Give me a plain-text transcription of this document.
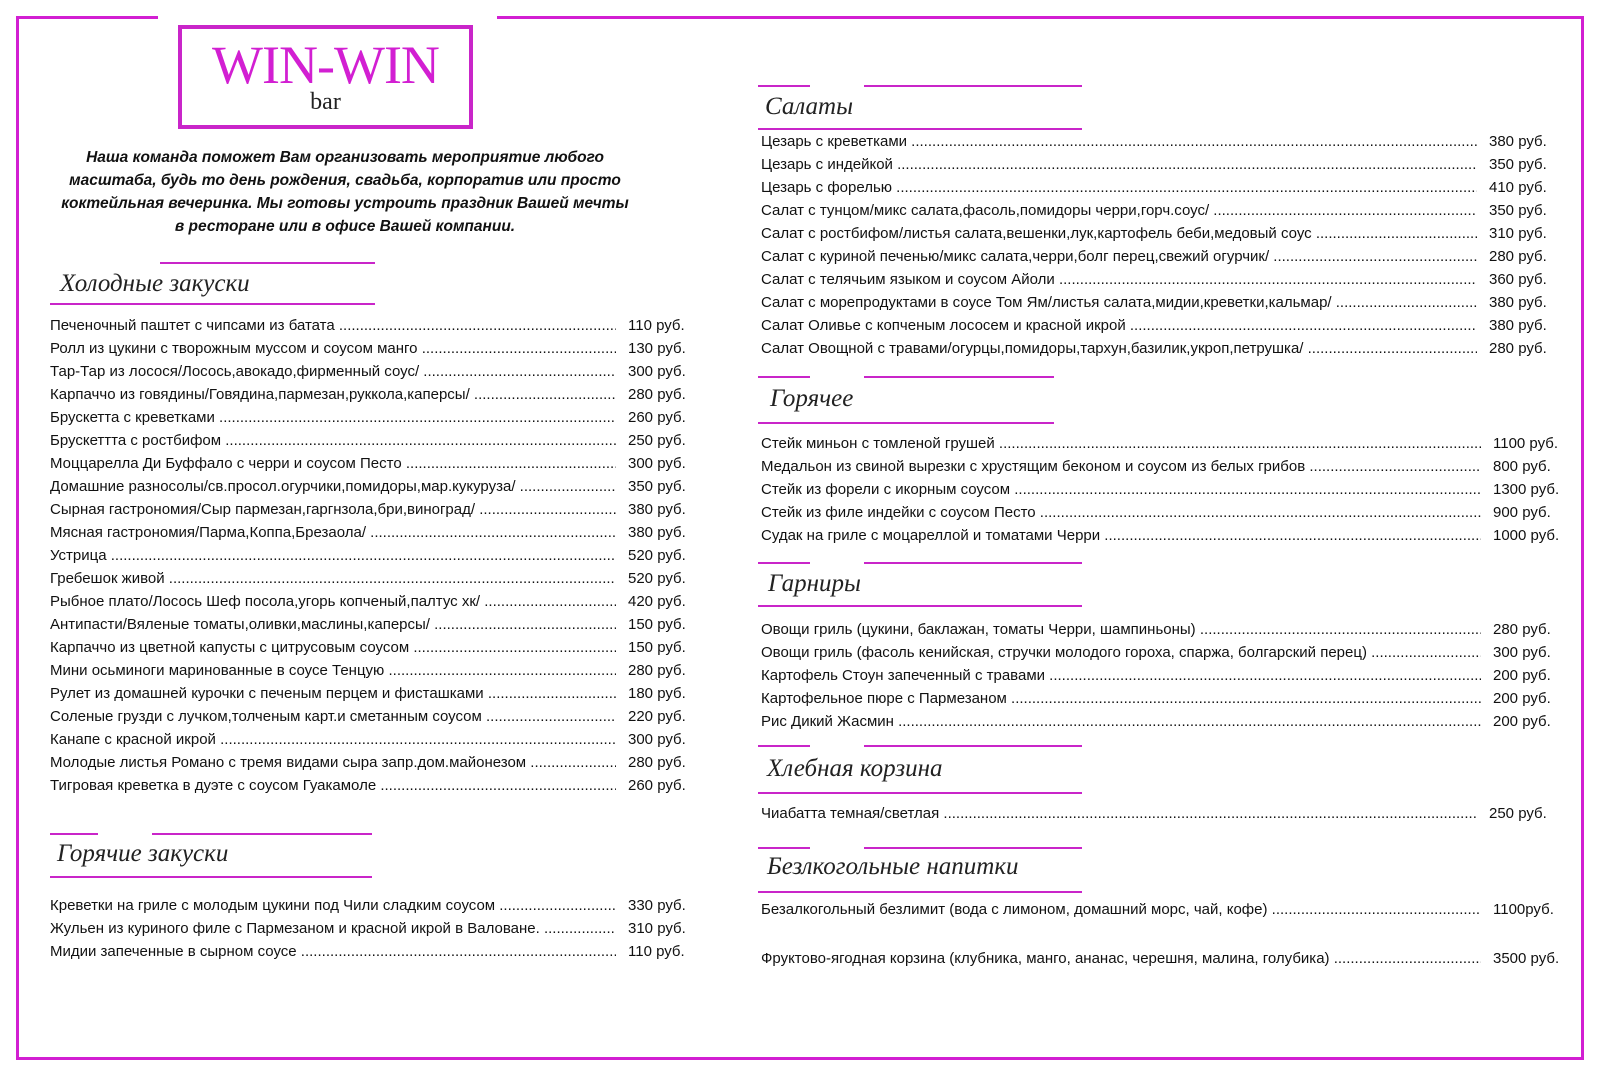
WIN-WIN
bar
Наша команда поможет Вам организовать мероприятие любого масштаба, будь то день рождения, свадьба, корпоратив или просто коктейльная вечеринка. Мы готовы устроить праздник Вашей мечты в ресторане или в офисе Вашей компании.
Холодные закуски
Печеночный паштет с чипсами из батата .....	110 руб.
Ролл из цукини с творожным муссом и соусом манго .....	130 руб.
Тар-Тар из лосося/Лосось,авокадо,фирменный соус/ .....	300 руб.
Карпаччо из говядины/Говядина,пармезан,руккола,каперсы/ .....	280 руб.
Брускетта с креветками .....	260 руб.
Брускеттта с ростбифом .....	250 руб.
Моццарелла Ди Буффало с черри и соусом Песто .....	300 руб.
Домашние разносолы/св.просол.огурчики,помидоры,мар.кукуруза/ .....	350 руб.
Сырная гастрономия/Сыр пармезан,гаргнзола,бри,виноград/ .....	380 руб.
Мясная гастрономия/Парма,Коппа,Брезаола/ .....	380 руб.
Устрица .....	520 руб.
Гребешок живой .....	520 руб.
Рыбное плато/Лосось Шеф посола,угорь копченый,палтус хк/ .....	420 руб.
Антипасти/Вяленые томаты,оливки,маслины,каперсы/ .....	150 руб.
Карпаччо из цветной капусты с цитрусовым соусом .....	150 руб.
Мини осьминоги маринованные в соусе Тенцую .....	280 руб.
Рулет из домашней курочки с печеным перцем и фисташками .....	180 руб.
Соленые грузди с лучком,толченым карт.и сметанным соусом .....	220 руб.
Канапе с красной икрой .....	300 руб.
Молодые листья Романо с тремя видами сыра запр.дом.майонезом .....	280 руб.
Тигровая креветка в дуэте с соусом Гуакамоле .....	260 руб.
Горячие закуски
Креветки на гриле с молодым цукини под Чили сладким соусом .....	330 руб.
Жульен из куриного филе с Пармезаном и красной икрой в Валоване. .....	310 руб.
Мидии запеченные в сырном соусе .....	110 руб.
Салаты
Цезарь с креветками .....	380 руб.
Цезарь с индейкой .....	350 руб.
Цезарь с форелью .....	410 руб.
Салат с тунцом/микс салата,фасоль,помидоры черри,горч.соус/ .....	350 руб.
Салат с ростбифом/листья салата,вешенки,лук,картофель беби,медовый соус .....	310 руб.
Салат с куриной печенью/микс салата,черри,болг перец,свежий огурчик/ .....	280 руб.
Салат с телячьим языком и соусом Айоли .....	360 руб.
Салат с морепродуктами в соусе Том Ям/листья салата,мидии,креветки,кальмар/ .....	380 руб.
Салат Оливье с копченым лососем и красной икрой .....	380 руб.
Салат Овощной с травами/огурцы,помидоры,тархун,базилик,укроп,петрушка/ .....	280 руб.
Горячее
Стейк миньон с томленой грушей .....	1100 руб.
Медальон из свиной вырезки с хрустящим беконом и соусом из белых грибов .....	800 руб.
Стейк из форели с икорным соусом .....	1300 руб.
Стейк из филе индейки с соусом Песто .....	900 руб.
Судак на гриле с моцареллой и томатами Черри .....	1000 руб.
Гарниры
Овощи гриль (цукини, баклажан, томаты Черри, шампиньоны) .....	280 руб.
Овощи гриль (фасоль кенийская, стручки молодого гороха, спаржа, болгарский перец) .....	300 руб.
Картофель Стоун запеченный с травами .....	200 руб.
Картофельное пюре с Пармезаном .....	200 руб.
Рис Дикий Жасмин .....	200 руб.
Хлебная корзина
Чиабатта темная/светлая .....	250 руб.
Безлкогольные напитки
Безалкогольный безлимит (вода с лимоном, домашний морс, чай, кофе) .....	1100руб.
Фруктово-ягодная корзина (клубника, манго, ананас, черешня, малина, голубика) .....	3500 руб.
